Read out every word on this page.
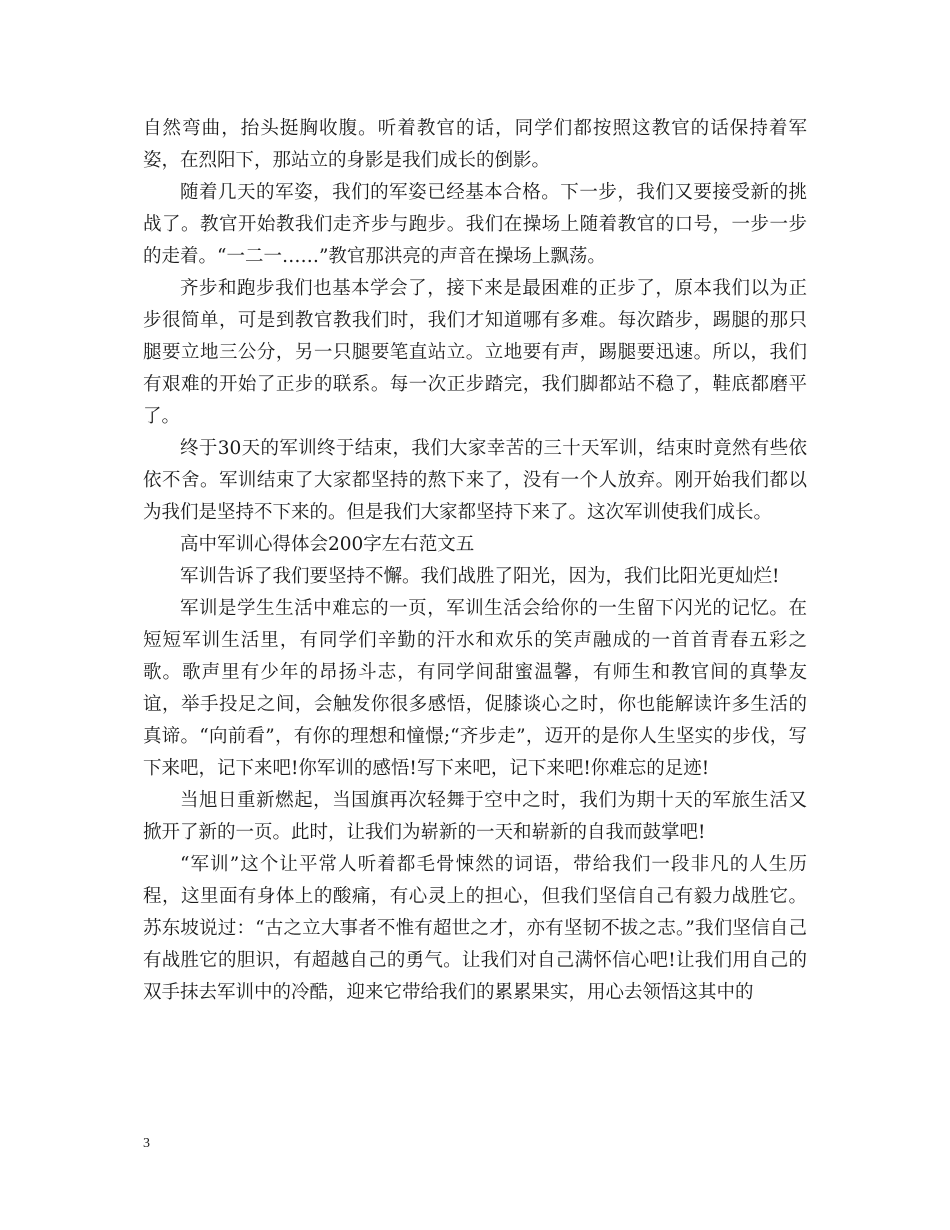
自然弯曲，抬头挺胸收腹。听着教官的话，同学们都按照这教官的话保持着军姿，在烈阳下，那站立的身影是我们成长的倒影。

随着几天的军姿，我们的军姿已经基本合格。下一步，我们又要接受新的挑战了。教官开始教我们走齐步与跑步。我们在操场上随着教官的口号，一步一步的走着。“一二一……”教官那洪亮的声音在操场上飘荡。

齐步和跑步我们也基本学会了，接下来是最困难的正步了，原本我们以为正步很简单，可是到教官教我们时，我们才知道哪有多难。每次踏步，踢腿的那只腿要立地三公分，另一只腿要笔直站立。立地要有声，踢腿要迅速。所以，我们有艰难的开始了正步的联系。每一次正步踏完，我们脚都站不稳了，鞋底都磨平了。

终于30天的军训终于结束，我们大家幸苦的三十天军训，结束时竟然有些依依不舍。军训结束了大家都坚持的熬下来了，没有一个人放弃。刚开始我们都以为我们是坚持不下来的。但是我们大家都坚持下来了。这次军训使我们成长。

高中军训心得体会200字左右范文五

军训告诉了我们要坚持不懈。我们战胜了阳光，因为，我们比阳光更灿烂!

军训是学生生活中难忘的一页，军训生活会给你的一生留下闪光的记忆。在短短军训生活里，有同学们辛勤的汗水和欢乐的笑声融成的一首首青春五彩之歌。歌声里有少年的昂扬斗志，有同学间甜蜜温馨，有师生和教官间的真挚友谊，举手投足之间，会触发你很多感悟，促膝谈心之时，你也能解读许多生活的真谛。“向前看”，有你的理想和憧憬;“齐步走”，迈开的是你人生坚实的步伐，写下来吧，记下来吧!你军训的感悟!写下来吧，记下来吧!你难忘的足迹!

当旭日重新燃起，当国旗再次轻舞于空中之时，我们为期十天的军旅生活又掀开了新的一页。此时，让我们为崭新的一天和崭新的自我而鼓掌吧!

“军训”这个让平常人听着都毛骨悚然的词语，带给我们一段非凡的人生历程，这里面有身体上的酸痛，有心灵上的担心，但我们坚信自己有毅力战胜它。苏东坡说过：“古之立大事者不惟有超世之才，亦有坚韧不拔之志。”我们坚信自己有战胜它的胆识，有超越自己的勇气。让我们对自己满怀信心吧!让我们用自己的双手抹去军训中的冷酷，迎来它带给我们的累累果实，用心去领悟这其中的

3
